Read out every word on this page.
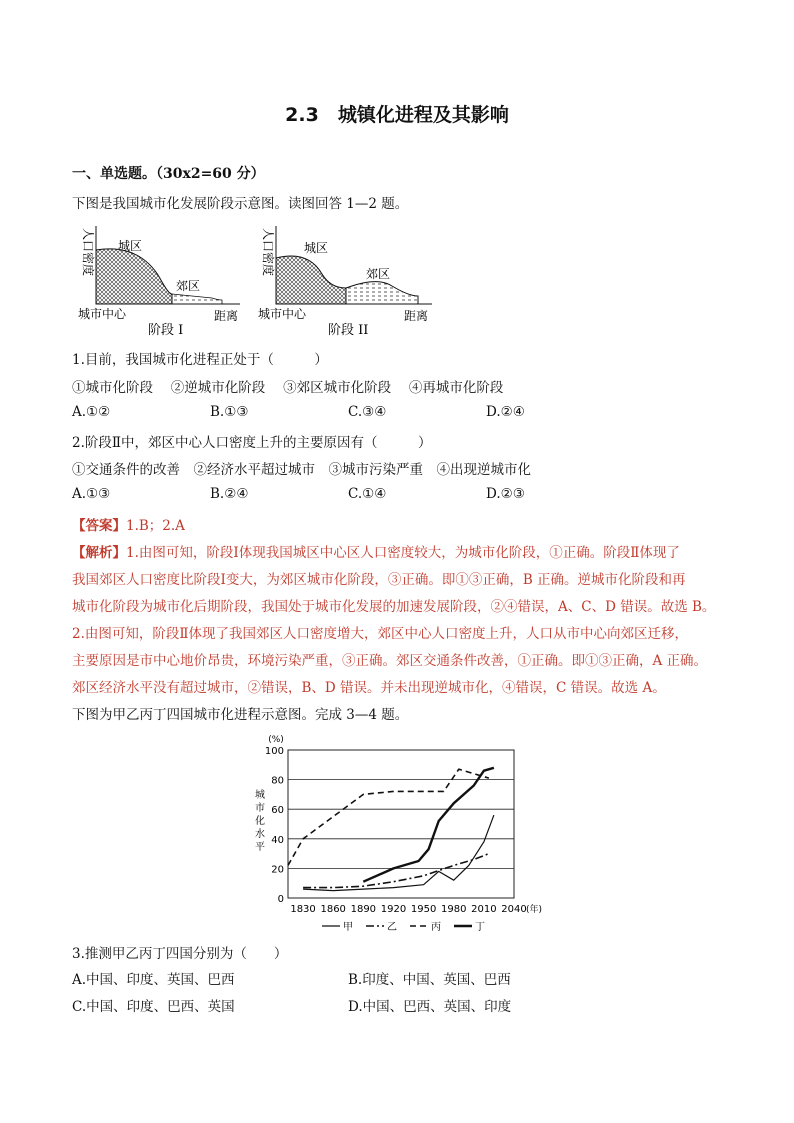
2.3　城镇化进程及其影响
一、单选题。（30x2=60 分）
下图是我国城市化发展阶段示意图。读图回答 1—2 题。
人口密度 城区
郊区
城市中心	距离
阶段 I
人口密度 城区
郊区
城市中心	距离
阶段 II
1.目前，我国城市化进程正处于（　　　）
①城市化阶段　 ②逆城市化阶段　 ③郊区城市化阶段　 ④再城市化阶段
A.①②	B.①③	C.③④	D.②④
2.阶段Ⅱ中，郊区中心人口密度上升的主要原因有（　　　）
①交通条件的改善　②经济水平超过城市　③城市污染严重　④出现逆城市化
A.①③	B.②④	C.①④	D.②③
【答案】1.B；2.A
【解析】1.由图可知，阶段Ⅰ体现我国城区中心区人口密度较大，为城市化阶段，①正确。阶段Ⅱ体现了
我国郊区人口密度比阶段Ⅰ变大，为郊区城市化阶段，③正确。即①③正确，B 正确。逆城市化阶段和再
城市化阶段为城市化后期阶段，我国处于城市化发展的加速发展阶段，②④错误，A、C、D 错误。故选 B。
2.由图可知，阶段Ⅱ体现了我国郊区人口密度增大，郊区中心人口密度上升，人口从市中心向郊区迁移，
主要原因是市中心地价昂贵，环境污染严重，③正确。郊区交通条件改善，①正确。即①③正确，A 正确。
郊区经济水平没有超过城市，②错误，B、D 错误。并未出现逆城市化，④错误，C 错误。故选 A。
下图为甲乙丙丁四国城市化进程示意图。完成 3—4 题。
0
20
40
60
80
100
1830 1860 1890 1920 1950 1980 2010 2040
(%)
(年)
城
市
化
水
平
甲	乙	丙	丁
3.推测甲乙丙丁四国分别为（　　）
A.中国、印度、英国、巴西	B.印度、中国、英国、巴西
C.中国、印度、巴西、英国	D.中国、巴西、英国、印度
